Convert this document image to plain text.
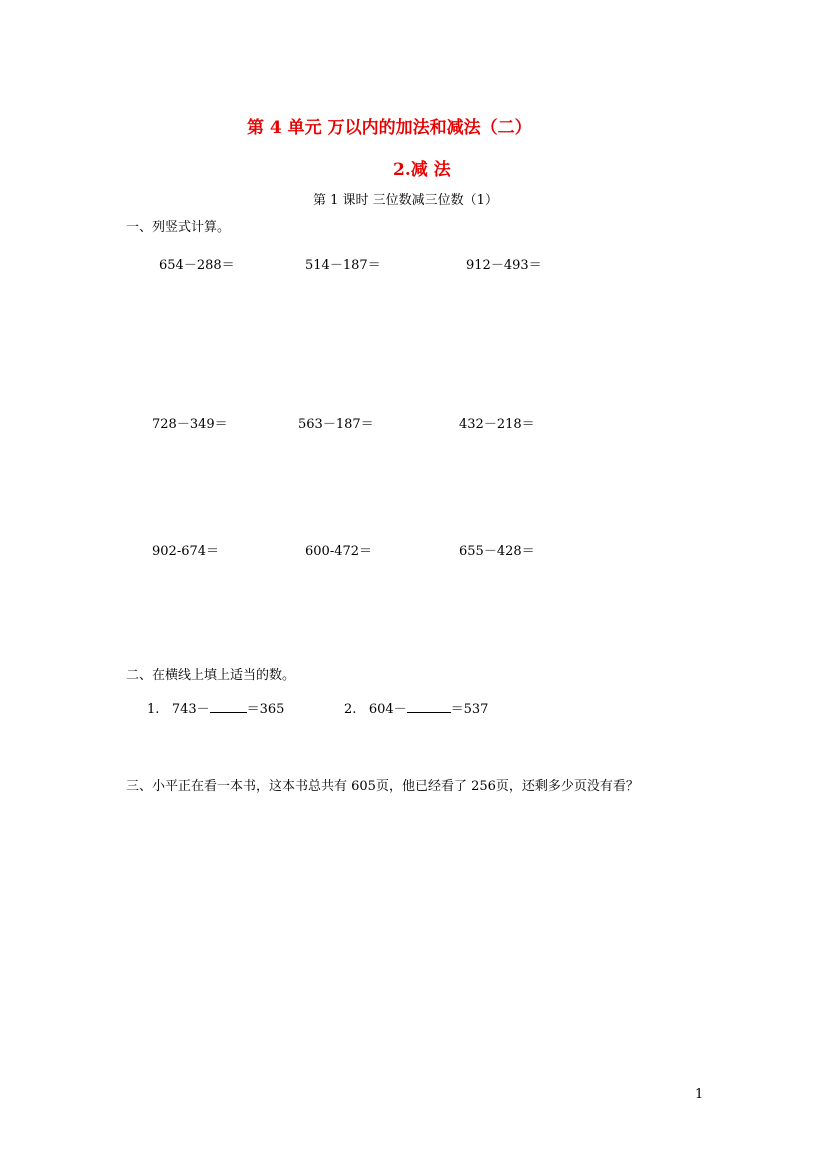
第 4 单元 万以内的加法和减法（二）
2.减 法
第 1 课时 三位数减三位数（1）
一、列竖式计算。
654－288＝	514－187＝	912－493＝
728－349＝	563－187＝	432－218＝
902-674＝	600-472＝	655－428＝
二、在横线上填上适当的数。
1. 743－	＝365	2. 604－	＝537
三、小平正在看一本书，这本书总共有 605页，他已经看了 256页，还剩多少页没有看？
1
